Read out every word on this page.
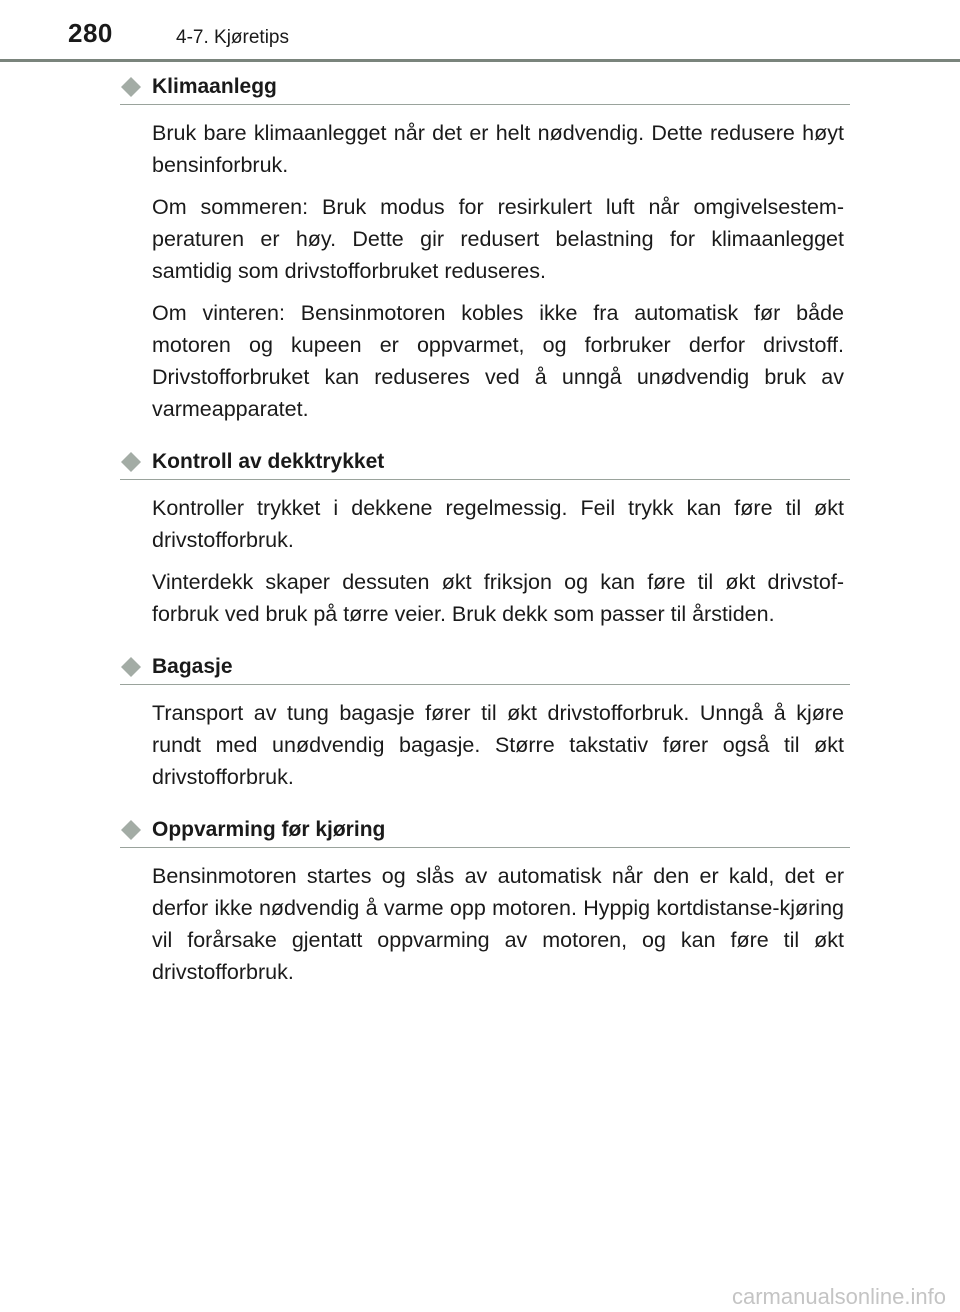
280	4-7. Kjøretips
Klimaanlegg

Bruk bare klimaanlegget når det er helt nødvendig. Dette redusere høyt bensinforbruk.

Om sommeren: Bruk modus for resirkulert luft når omgivelsestem-peraturen er høy. Dette gir redusert belastning for klimaanlegget samtidig som drivstofforbruket reduseres.

Om vinteren: Bensinmotoren kobles ikke fra automatisk før både motoren og kupeen er oppvarmet, og forbruker derfor drivstoff. Drivstofforbruket kan reduseres ved å unngå unødvendig bruk av varmeapparatet.

Kontroll av dekktrykket

Kontroller trykket i dekkene regelmessig. Feil trykk kan føre til økt drivstofforbruk.

Vinterdekk skaper dessuten økt friksjon og kan føre til økt drivstof-forbruk ved bruk på tørre veier. Bruk dekk som passer til årstiden.

Bagasje

Transport av tung bagasje fører til økt drivstofforbruk. Unngå å kjøre rundt med unødvendig bagasje. Større takstativ fører også til økt drivstofforbruk.

Oppvarming før kjøring

Bensinmotoren startes og slås av automatisk når den er kald, det er derfor ikke nødvendig å varme opp motoren. Hyppig kortdistanse-kjøring vil forårsake gjentatt oppvarming av motoren, og kan føre til økt drivstofforbruk.

carmanualsonline.info
